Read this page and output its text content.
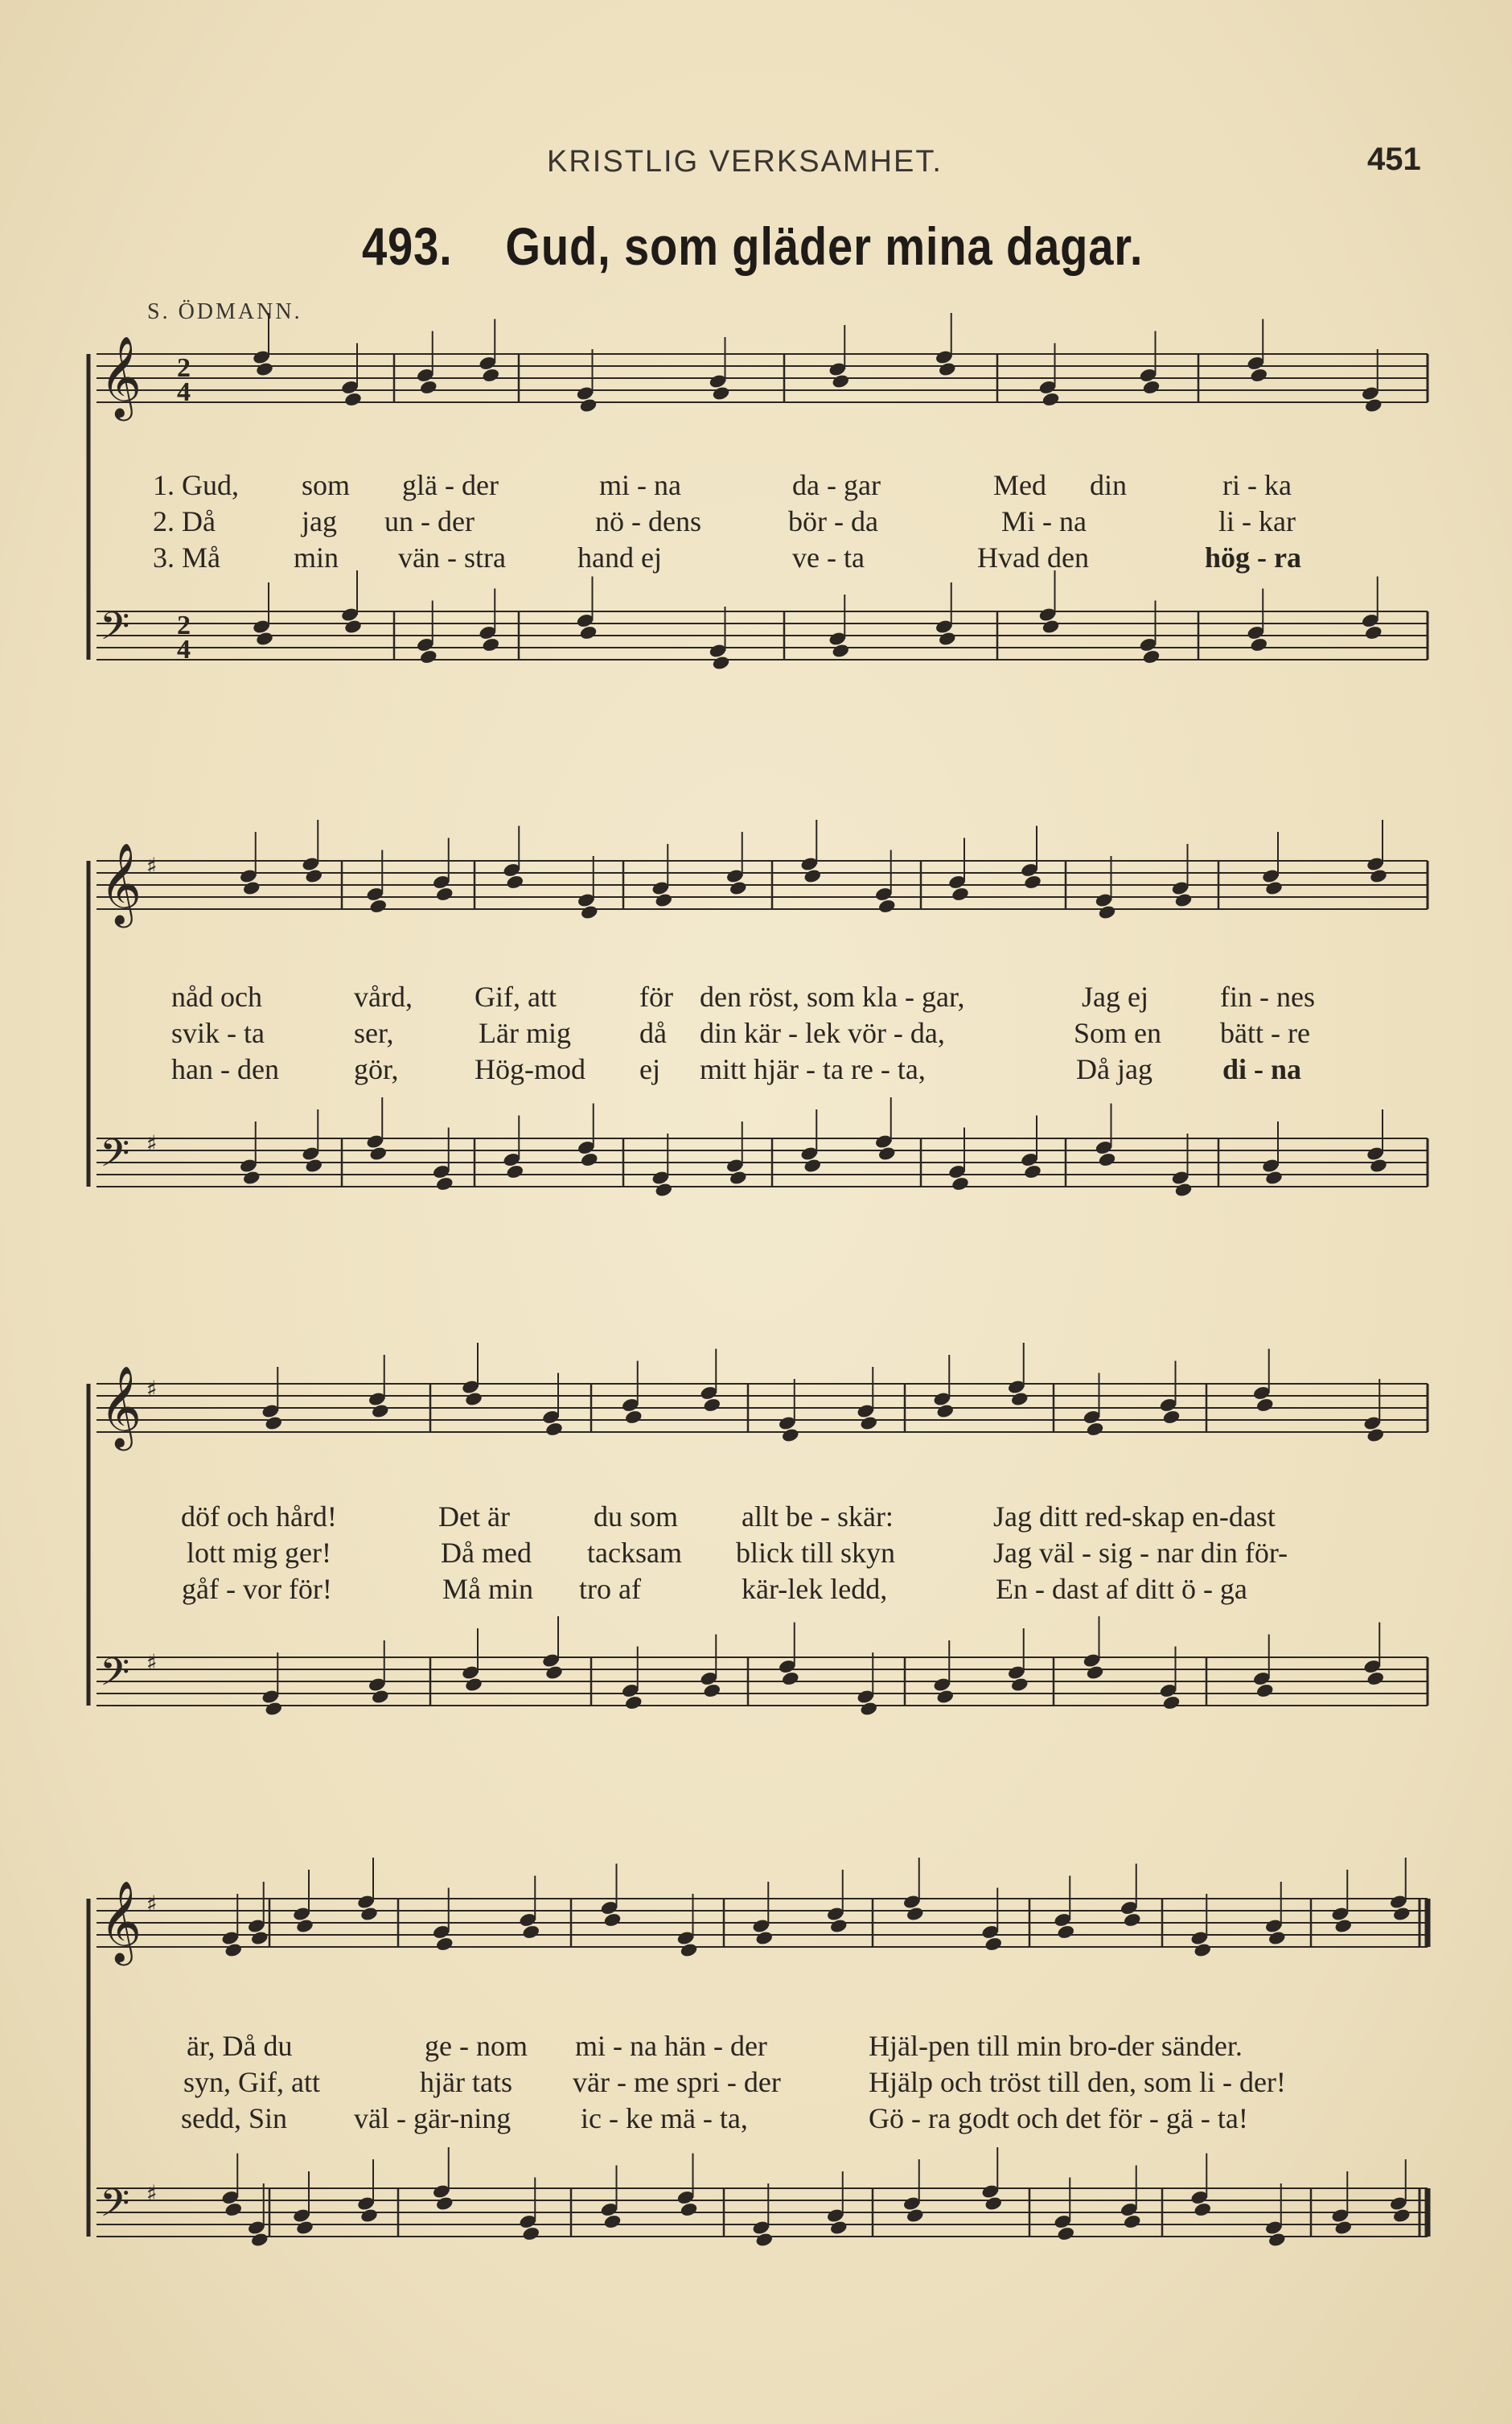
KRISTLIG VERKSAMHET.	451
493. Gud, som gläder mina dagar.
S. ÖDMANN.
𝄞 2
4
𝄢 2
4
𝄞 ♯
𝄢 ♯
𝄞 ♯
𝄢 ♯
𝄞 ♯
𝄢 ♯
1. Gud, som glä - der	mi - na	da - gar	Med din	ri - ka
2. Då	jag un - der	nö - dens	bör - da	Mi - na	li - kar
3. Må	min vän - stra hand ej	ve - ta	Hvad den	hög - ra
nåd och	vård, Gif, att	för den röst, som kla - gar,	Jag ej fin - nes
svik - ta	ser,	Lär mig då din kär - lek vör - da,	Som en bätt - re
han - den	gör,	Hög-mod ej mitt hjär - ta re - ta,	Då jag di - na
döf och hård!	Det är	du som allt be - skär:	Jag ditt red-skap en-dast
lott mig ger!	Då med tacksam blick till skyn	Jag väl - sig - nar din för-
gåf - vor för!	Må min tro af	kär-lek ledd,	En - dast af ditt ö - ga
är, Då du	ge - nom mi - na hän - der	Hjäl-pen till min bro-der sänder.
syn, Gif, att	hjär tats vär - me spri - der	Hjälp och tröst till den, som li - der!
sedd, Sin väl - gär-ning ic - ke mä - ta,	Gö - ra godt och det för - gä - ta!
